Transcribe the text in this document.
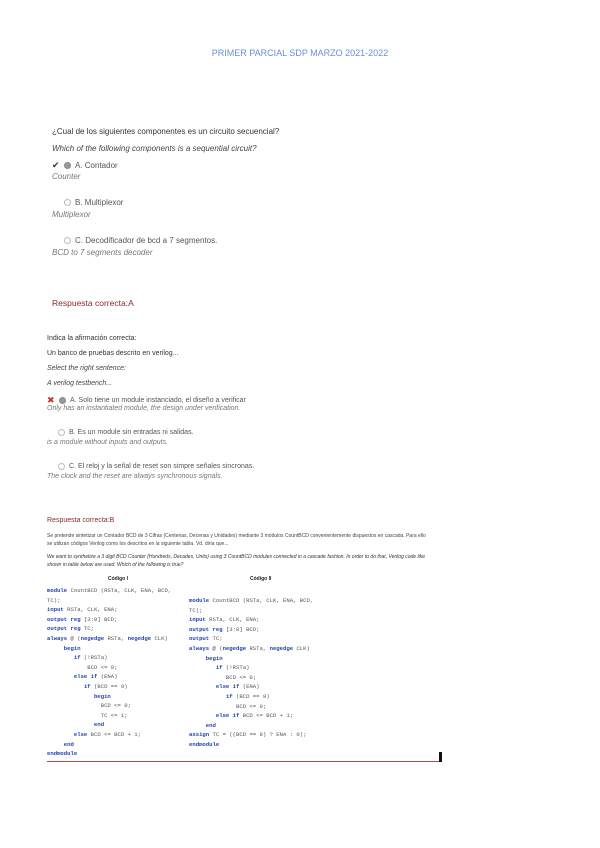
PRIMER PARCIAL SDP MARZO 2021-2022
¿Cual de los siguientes componentes es un circuito secuencial?
Which of the following components is a sequential circuit?
✔	A. Contador
Counter
B. Multiplexor
Multiplexor
C. Decodificador de bcd a 7 segmentos.
BCD to 7 segments decoder
Respuesta correcta:A
Indica la afirmación correcta:
Un banco de pruebas descrito en verilog...
Select the right sentence:
A verilog testbench...
✖	A. Solo tiene un module instanciado, el diseño a verificar
Only has an instantiated module, the design under verification.
B. Es un module sin entradas ni salidas.
is a module without inputs and outputs.
C. El reloj y la señal de reset son simpre señales sincronas.
The clock and the reset are always synchronous signals.
Respuesta correcta:B
Se pretende sintetizar un Contador BCD de 3 Cifras (Centenas, Decenas y Unidades) mediante 3 módulos CountBCD convenientemente dispuestos en cascada. Para ello
se utilizan códigos Verilog como los descritos en la siguiente tabla. Vd. diría que...
We want to synthetize a 3 digit BCD Counter (Hundreds, Decades, Units) using 3 CountBCD modules connected in a cascade fashion. In order to do that, Verilog code like
shown in table below are used. Which of the following is true?
Código I	Código II
module CountBCD (RSTa, CLK, ENA, BCD,
TC);
input RSTa, CLK, ENA;
output reg [3:0] BCD;
output reg TC;
always @ (negedge RSTa, negedge CLK)
begin
if (!RSTa)
BCD <= 0;
else if (ENA)
if (BCD == 9)
begin
BCD <= 0;
TC <= 1;
end
else BCD <= BCD + 1;
end
endmodule
module CountBCD (RSTa, CLK, ENA, BCD,
TC);
input RSTa, CLK, ENA;
output reg [3:0] BCD;
output TC;
always @ (negedge RSTa, negedge CLK)
begin
if (!RSTa)
BCD <= 0;
else if (ENA)
if (BCD == 9)
BCD <= 0;
else if BCD <= BCD + 1;
end
assign TC = ((BCD == 9) ? ENA : 0);
endmodule
